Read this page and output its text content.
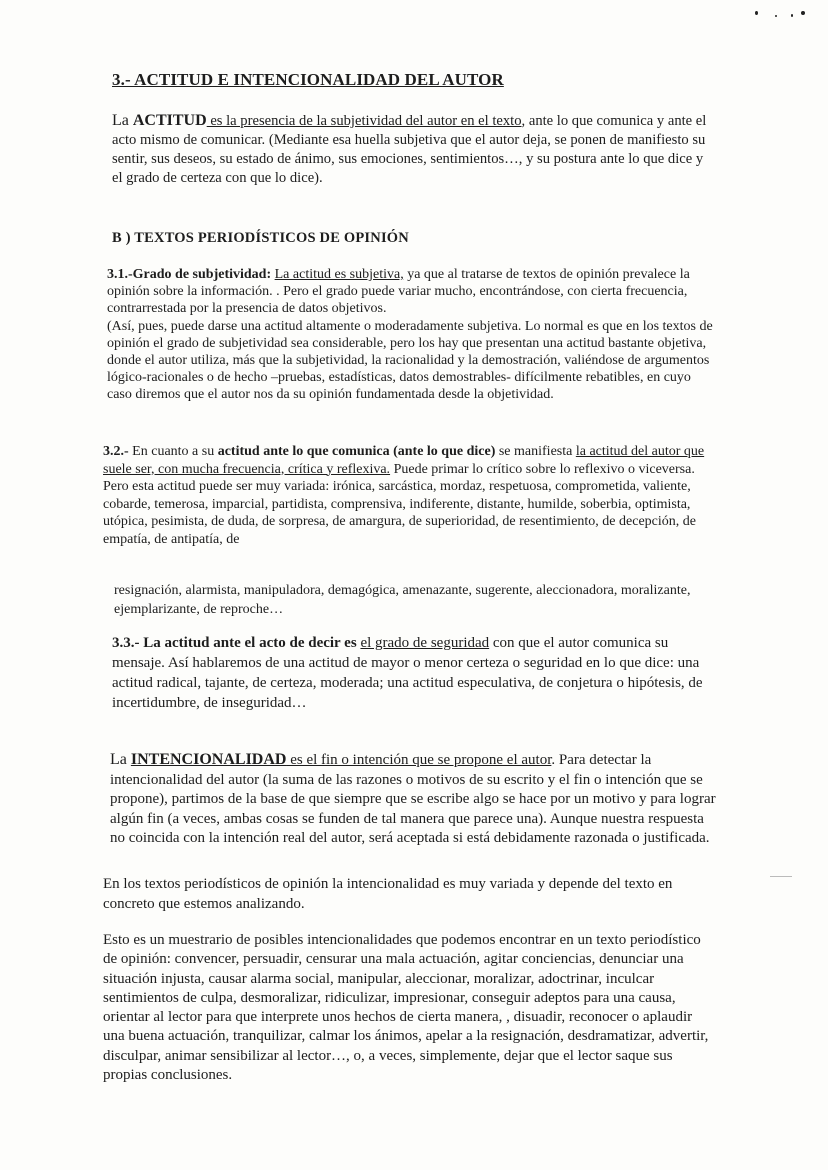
3.- ACTITUD E INTENCIONALIDAD DEL AUTOR

La ACTITUD es la presencia de la subjetividad del autor en el texto, ante lo que comunica y ante el acto mismo de comunicar. (Mediante esa huella subjetiva que el autor deja, se ponen de manifiesto su sentir, sus deseos, su estado de ánimo, sus emociones, sentimientos…, y su postura ante lo que dice y el grado de certeza con que lo dice).

B ) TEXTOS PERIODÍSTICOS DE OPINIÓN

3.1.-Grado de subjetividad: La actitud es subjetiva, ya que al tratarse de textos de opinión prevalece la opinión sobre la información. . Pero el grado puede variar mucho, encontrándose, con cierta frecuencia, contrarrestada por la presencia de datos objetivos.
(Así, pues, puede darse una actitud altamente o moderadamente subjetiva. Lo normal es que en los textos de opinión el grado de subjetividad sea considerable, pero los hay que presentan una actitud bastante objetiva, donde el autor utiliza, más que la subjetividad, la racionalidad y la demostración, valiéndose de argumentos lógico-racionales o de hecho –pruebas, estadísticas, datos demostrables- difícilmente rebatibles, en cuyo caso diremos que el autor nos da su opinión fundamentada desde la objetividad.

3.2.- En cuanto a su actitud ante lo que comunica (ante lo que dice) se manifiesta la actitud del autor que suele ser, con mucha frecuencia, crítica y reflexiva. Puede primar lo crítico sobre lo reflexivo o viceversa. Pero esta actitud puede ser muy variada: irónica, sarcástica, mordaz, respetuosa, comprometida, valiente, cobarde, temerosa, imparcial, partidista, comprensiva, indiferente, distante, humilde, soberbia, optimista, utópica, pesimista, de duda, de sorpresa, de amargura, de superioridad, de resentimiento, de decepción, de empatía, de antipatía, de

resignación, alarmista, manipuladora, demagógica, amenazante, sugerente, aleccionadora, moralizante, ejemplarizante, de reproche…

3.3.- La actitud ante el acto de decir es el grado de seguridad con que el autor comunica su mensaje. Así hablaremos de una actitud de mayor o menor certeza o seguridad en lo que dice: una actitud radical, tajante, de certeza, moderada; una actitud especulativa, de conjetura o hipótesis, de incertidumbre, de inseguridad…

La INTENCIONALIDAD es el fin o intención que se propone el autor. Para detectar la intencionalidad del autor (la suma de las razones o motivos de su escrito y el fin o intención que se propone), partimos de la base de que siempre que se escribe algo se hace por un motivo y para lograr algún fin (a veces, ambas cosas se funden de tal manera que parece una). Aunque nuestra respuesta no coincida con la intención real del autor, será aceptada si está debidamente razonada o justificada.

En los textos periodísticos de opinión la intencionalidad es muy variada y depende del texto en concreto que estemos analizando.

Esto es un muestrario de posibles intencionalidades que podemos encontrar en un texto periodístico de opinión: convencer, persuadir, censurar una mala actuación, agitar conciencias, denunciar una situación injusta, causar alarma social, manipular, aleccionar, moralizar, adoctrinar, inculcar sentimientos de culpa, desmoralizar, ridiculizar, impresionar, conseguir adeptos para una causa, orientar al lector para que interprete unos hechos de cierta manera, , disuadir, reconocer o aplaudir una buena actuación, tranquilizar, calmar los ánimos, apelar a la resignación, desdramatizar, advertir, disculpar, animar sensibilizar al lector…, o, a veces, simplemente, dejar que el lector saque sus propias conclusiones.
